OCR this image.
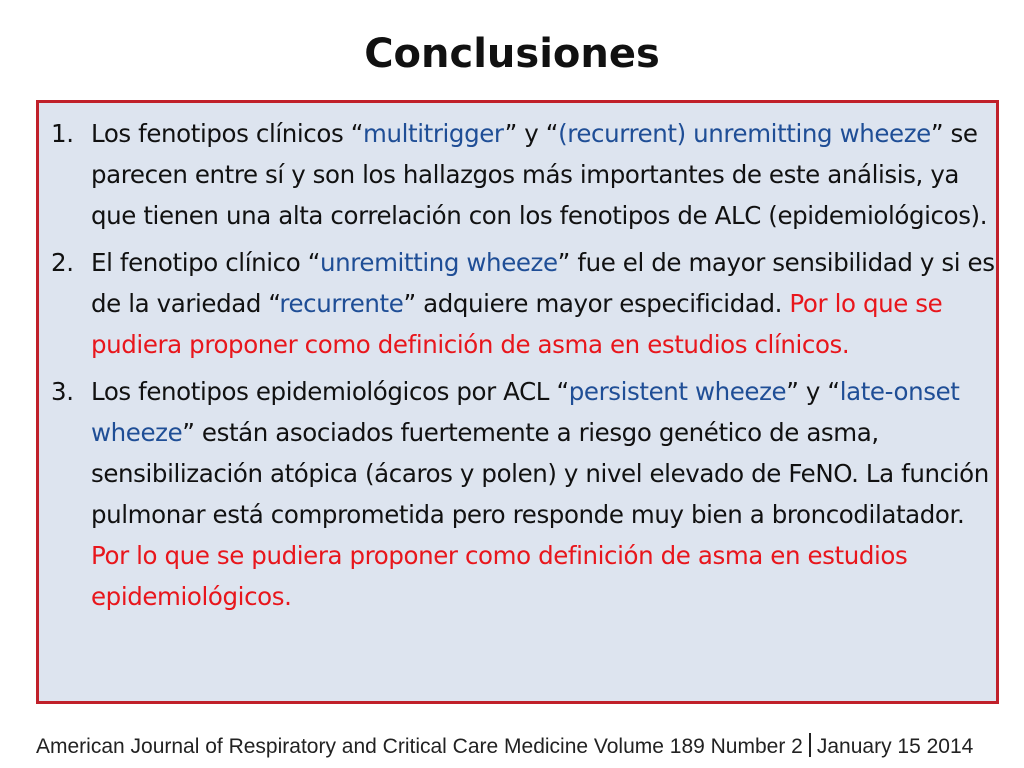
Conclusiones
1. Los fenotipos clínicos “multitrigger” y “(recurrent) unremitting wheeze” se parecen entre sí y son los hallazgos más importantes de este análisis, ya que tienen una alta correlación con los fenotipos de ALC (epidemiológicos).
2. El fenotipo clínico “unremitting wheeze” fue el de mayor sensibilidad y si es de la variedad “recurrente” adquiere mayor especificidad. Por lo que se pudiera proponer como definición de asma en estudios clínicos.
3. Los fenotipos epidemiológicos por ACL “persistent wheeze” y “late-onset wheeze” están asociados fuertemente a riesgo genético de asma, sensibilización atópica (ácaros y polen) y nivel elevado de FeNO. La función pulmonar está comprometida pero responde muy bien a broncodilatador. Por lo que se pudiera proponer como definición de asma en estudios epidemiológicos.
American Journal of Respiratory and Critical Care Medicine Volume 189 Number 2 January 15 2014
